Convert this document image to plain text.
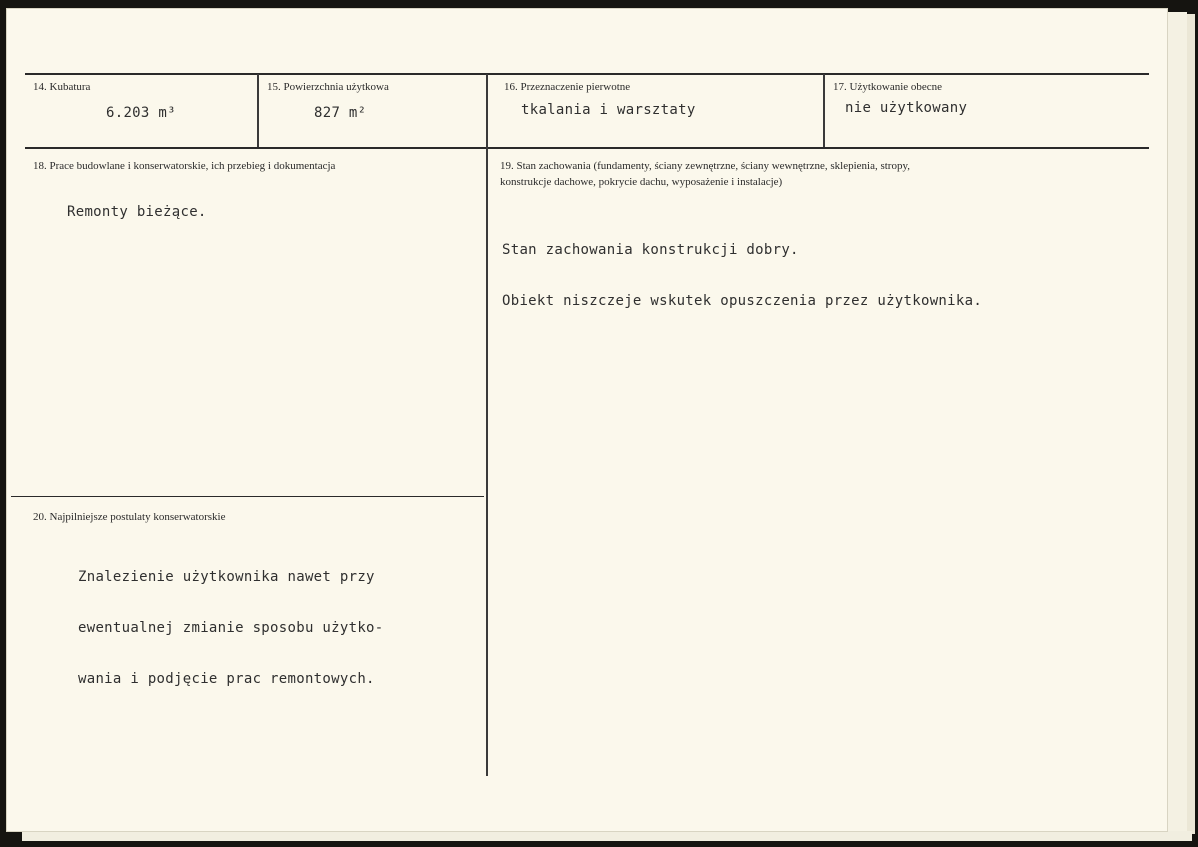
14. Kubatura
6.203 m³
15. Powierzchnia użytkowa
827 m²
16. Przeznaczenie pierwotne
tkalania i warsztaty
17. Użytkowanie obecne
nie użytkowany
18. Prace budowlane i konserwatorskie, ich przebieg i dokumentacja
Remonty bieżące.
19. Stan zachowania (fundamenty, ściany zewnętrzne, ściany wewnętrzne, sklepienia, stropy,
konstrukcje dachowe, pokrycie dachu, wyposażenie i instalacje)

Stan zachowania konstrukcji dobry.

Obiekt niszczeje wskutek opuszczenia przez użytkownika.

20. Najpilniejsze postulaty konserwatorskie

Znalezienie użytkownika nawet przy

ewentualnej zmianie sposobu użytko-

wania i podjęcie prac remontowych.
